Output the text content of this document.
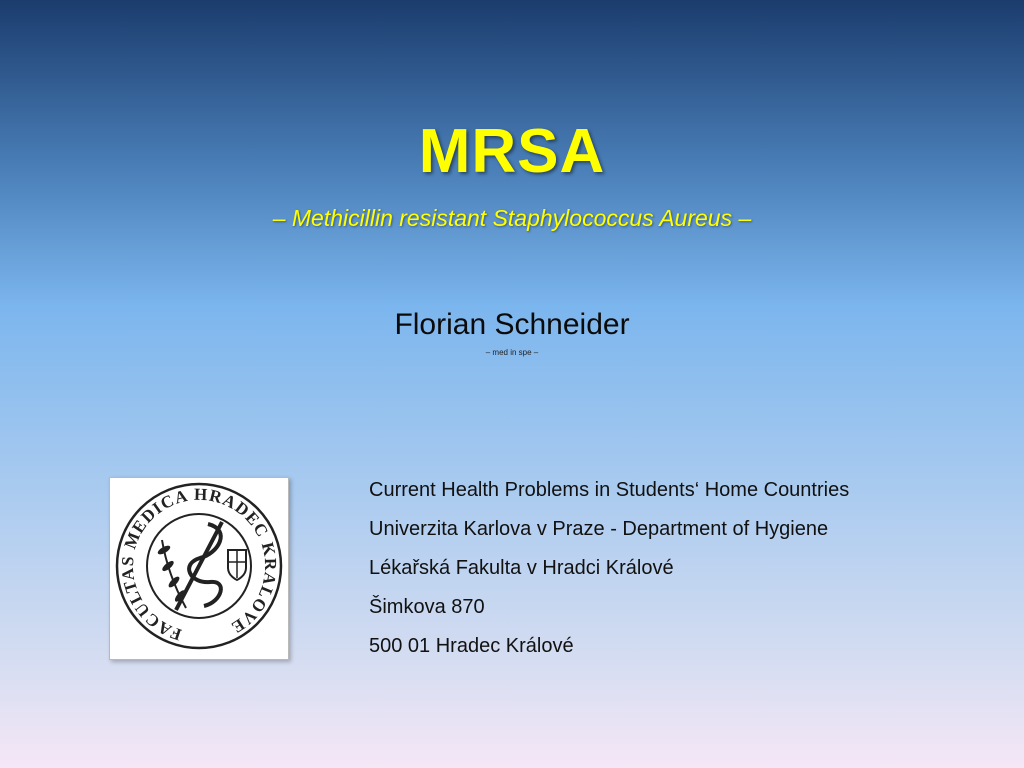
MRSA
– Methicillin resistant Staphylococcus Aureus –
Florian Schneider
– med in spe –
FACULTAS MEDICA HRADEC KRALOVE
Current Health Problems in Students‘ Home Countries
Univerzita Karlova v Praze - Department of Hygiene
Lékařská Fakulta v Hradci Králové
Šimkova 870
500 01 Hradec Králové
